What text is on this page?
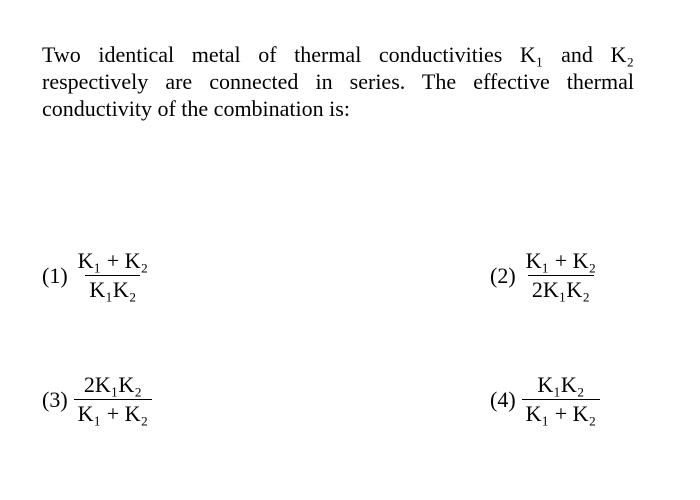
Two identical metal of thermal conductivities K₁ and K₂ respectively are connected in series. The effective thermal conductivity of the combination is:
$(1) \frac{\text{K₁ + K₂}}{\text{K₁K₂}}$	$(2) \frac{\text{K₁ + K₂}}{\text{2K₁K₂}}$
$(3) \frac{\text{2K₁K₂}}{\text{K₁ + K₂}}$	$(4) \frac{\text{K₁K₂}}{\text{K₁ + K₂}}$
